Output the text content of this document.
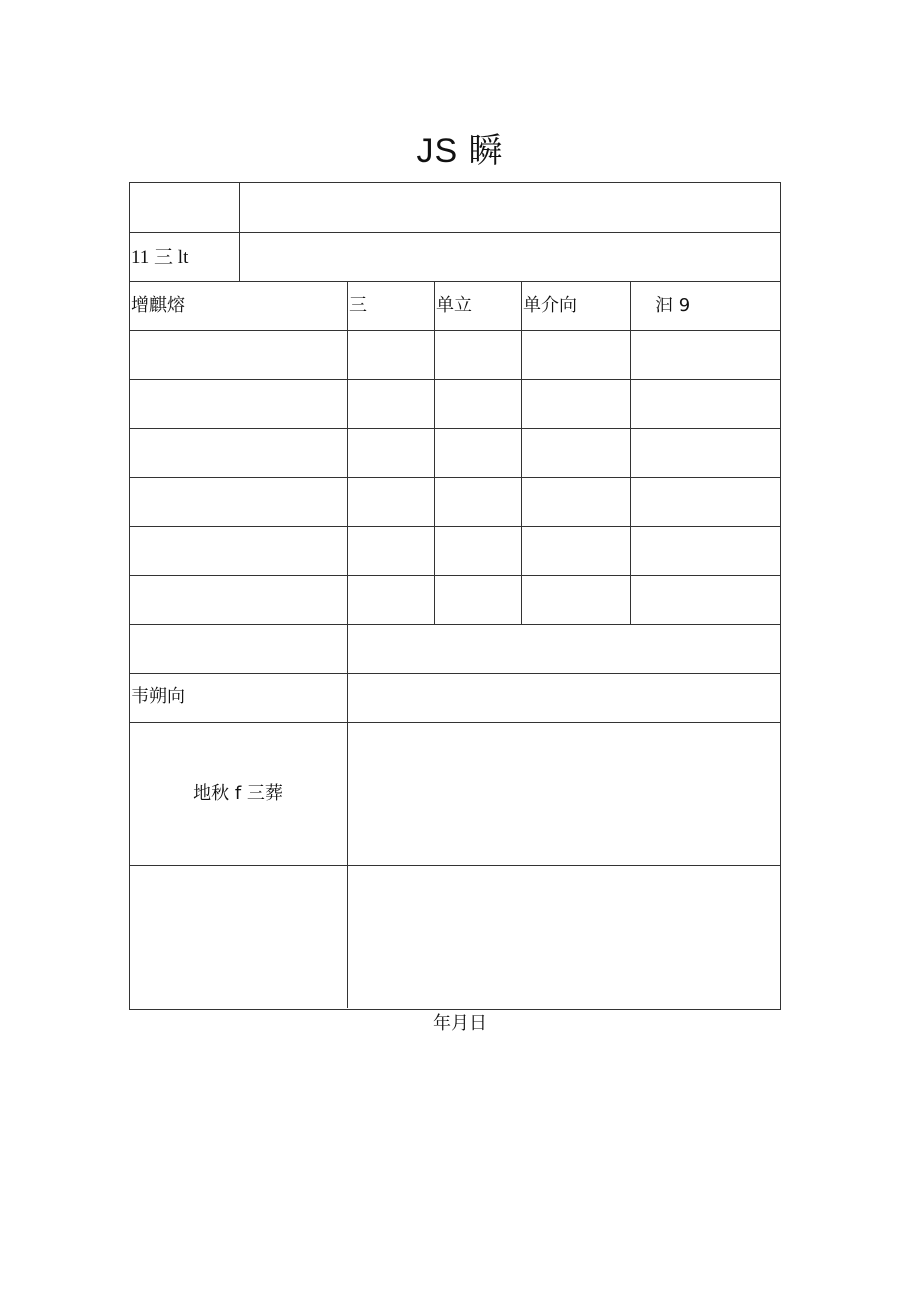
JS 瞬
11 三 lt
增麒熔	三	单立	单介向	汩 9
韦朔向
地秋 f 三葬
年月日
